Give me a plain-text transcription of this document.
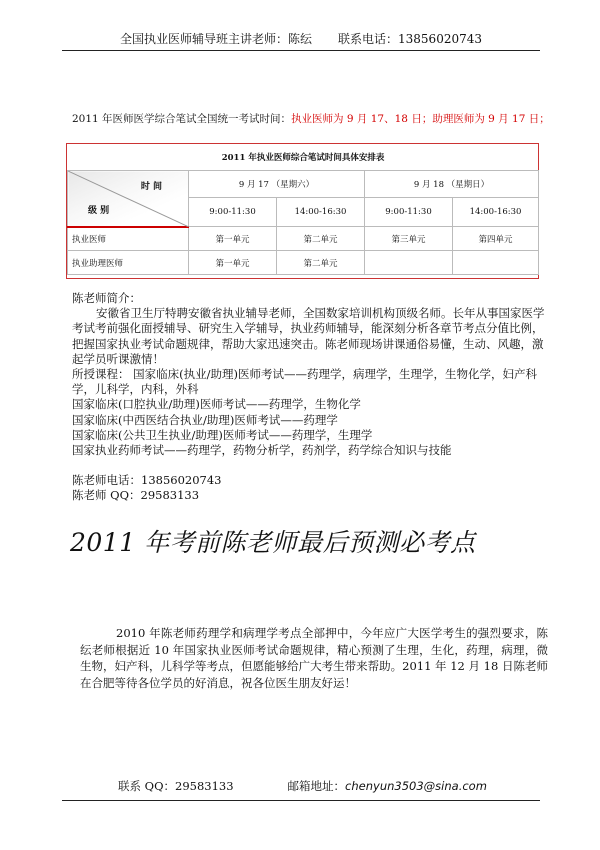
全国执业医师辅导班主讲老师：陈纭 联系电话：13856020743
2011 年医师医学综合笔试全国统一考试时间：执业医师为 9 月 17、18 日；助理医师为 9 月 17 日；
2011 年执业医师综合笔试时间具体安排表				

时 间
级 别	9 月 17 （星期六）		9 月 18 （星期日）	
	9:00-11:30	14:00-16:30	9:00-11:30	14:00-16:30
执业医师	第一单元	第二单元	第三单元	第四单元
执业助理医师	第一单元	第二单元		

陈老师简介：

安徽省卫生厅特聘安徽省执业辅导老师，全国数家培训机构顶级名师。长年从事国家医学考试考前强化面授辅导、研究生入学辅导，执业药师辅导，能深刻分析各章节考点分值比例，把握国家执业考试命题规律，帮助大家迅速突击。陈老师现场讲课通俗易懂，生动、风趣，激起学员听课激情！

所授课程： 国家临床(执业/助理)医师考试——药理学，病理学，生理学，生物化学，妇产科学，儿科学，内科，外科

国家临床(口腔执业/助理)医师考试——药理学，生物化学

国家临床(中西医结合执业/助理)医师考试——药理学

国家临床(公共卫生执业/助理)医师考试——药理学，生理学

国家执业药师考试——药理学，药物分析学，药剂学，药学综合知识与技能

陈老师电话：13856020743

陈老师 QQ：29583133

2011 年考前陈老师最后预测必考点

2010 年陈老师药理学和病理学考点全部押中，今年应广大医学考生的强烈要求，陈纭老师根据近 10 年国家执业医师考试命题规律，精心预测了生理，生化，药理，病理，微生物，妇产科，儿科学等考点，但愿能够给广大考生带来帮助。2011 年 12 月 18 日陈老师在合肥等待各位学员的好消息，祝各位医生朋友好运！

联系 QQ：29583133	邮箱地址：chenyun3503@sina.com
